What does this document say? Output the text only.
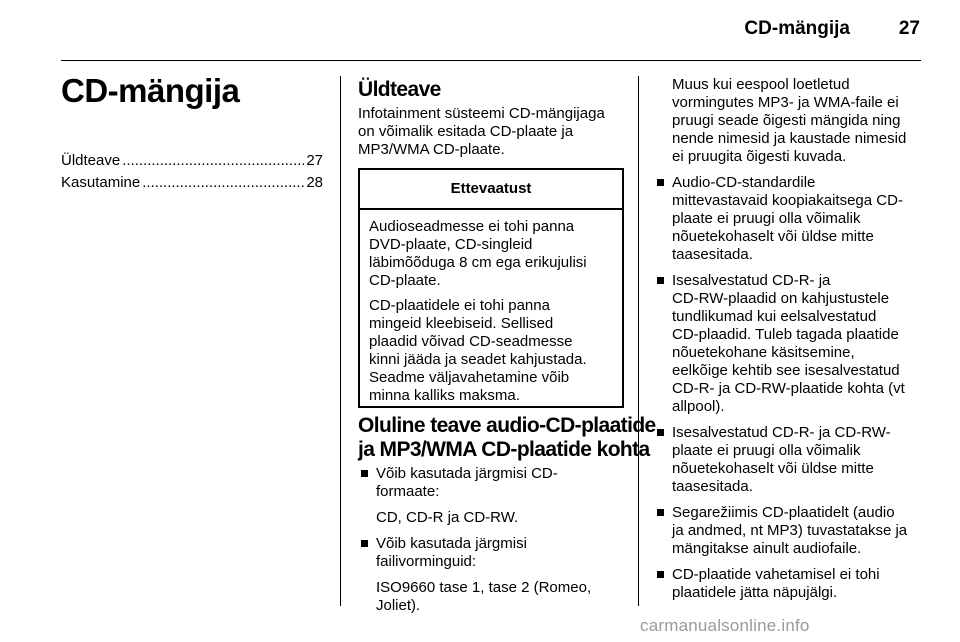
CD-mängija	27
CD-mängija
Üldteave .....	27
Kasutamine .....	28
Üldteave
Infotainment süsteemi CD-mängijaga
on võimalik esitada CD-plaate ja
MP3/WMA CD-plaate.
Ettevaatust

Audioseadmesse ei tohi panna
DVD-plaate, CD-singleid
läbimõõduga 8 cm ega erikujulisi
CD-plaate.

CD-plaatidele ei tohi panna
mingeid kleebiseid. Sellised
plaadid võivad CD-seadmesse
kinni jääda ja seadet kahjustada.
Seadme väljavahetamine võib
minna kalliks maksma.

Oluline teave audio-CD-plaatide
ja MP3/WMA CD-plaatide kohta
Võib kasutada järgmisi CD-
formaate:
CD, CD-R ja CD-RW.
Võib kasutada järgmisi
failivorminguid:
ISO9660 tase 1, tase 2 (Romeo,
Joliet).
Muus kui eespool loetletud
vormingutes MP3- ja WMA-faile ei
pruugi seade õigesti mängida ning
nende nimesid ja kaustade nimesid
ei pruugita õigesti kuvada.
Audio-CD-standardile
mittevastavaid koopiakaitsega CD-
plaate ei pruugi olla võimalik
nõuetekohaselt või üldse mitte
taasesitada.
Isesalvestatud CD-R- ja
CD-RW-plaadid on kahjustustele
tundlikumad kui eelsalvestatud
CD-plaadid. Tuleb tagada plaatide
nõuetekohane käsitsemine,
eelkõige kehtib see isesalvestatud
CD-R- ja CD-RW-plaatide kohta (vt
allpool).
Isesalvestatud CD-R- ja CD-RW-
plaate ei pruugi olla võimalik
nõuetekohaselt või üldse mitte
taasesitada.
Segarežiimis CD-plaatidelt (audio
ja andmed, nt MP3) tuvastatakse ja
mängitakse ainult audiofaile.
CD-plaatide vahetamisel ei tohi
plaatidele jätta näpujälgi.
carmanualsonline.info
